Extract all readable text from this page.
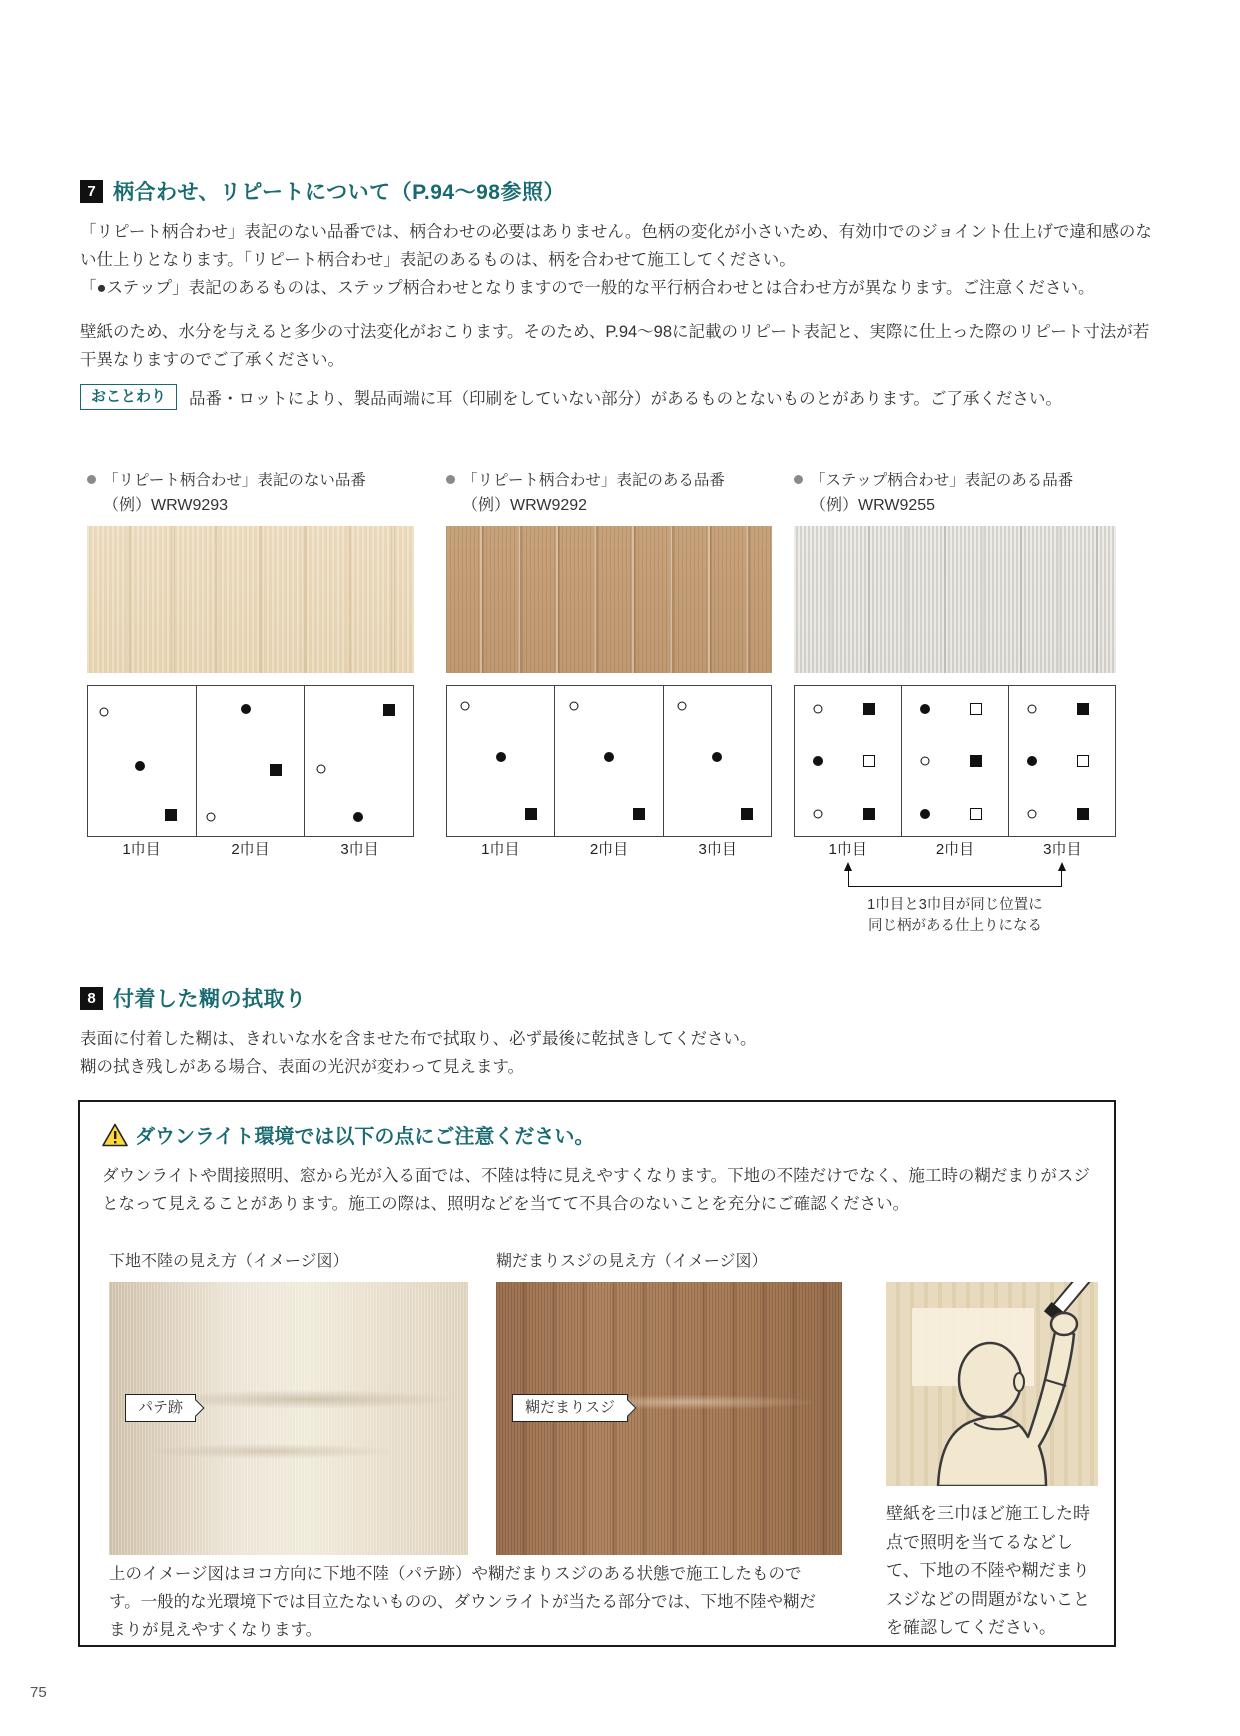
7 柄合わせ、リピートについて（P.94～98参照）

「リピート柄合わせ」表記のない品番では、柄合わせの必要はありません。色柄の変化が小さいため、有効巾でのジョイント仕上げで違和感のない仕上りとなります。「リピート柄合わせ」表記のあるものは、柄を合わせて施工してください。

「●ステップ」表記のあるものは、ステップ柄合わせとなりますので一般的な平行柄合わせとは合わせ方が異なります。ご注意ください。

壁紙のため、水分を与えると多少の寸法変化がおこります。そのため、P.94～98に記載のリピート表記と、実際に仕上った際のリピート寸法が若干異なりますのでご了承ください。

おことわり	品番・ロットにより、製品両端に耳（印刷をしていない部分）があるものとないものとがあります。ご了承ください。
「リピート柄合わせ」表記のない品番
（例）WRW9293
1巾目	2巾目	3巾目
「リピート柄合わせ」表記のある品番
（例）WRW9292
1巾目	2巾目	3巾目
「ステップ柄合わせ」表記のある品番
（例）WRW9255
1巾目	2巾目	3巾目
1巾目と3巾目が同じ位置に
同じ柄がある仕上りになる
8 付着した糊の拭取り

表面に付着した糊は、きれいな水を含ませた布で拭取り、必ず最後に乾拭きしてください。

糊の拭き残しがある場合、表面の光沢が変わって見えます。

ダウンライト環境では以下の点にご注意ください。

ダウンライトや間接照明、窓から光が入る面では、不陸は特に見えやすくなります。下地の不陸だけでなく、施工時の糊だまりがスジとなって見えることがあります。施工の際は、照明などを当てて不具合のないことを充分にご確認ください。

下地不陸の見え方（イメージ図）	糊だまりスジの見え方（イメージ図）
パテ跡	糊だまりスジ

上のイメージ図はヨコ方向に下地不陸（パテ跡）や糊だまりスジのある状態で施工したものです。一般的な光環境下では目立たないものの、ダウンライトが当たる部分では、下地不陸や糊だまりが見えやすくなります。

壁紙を三巾ほど施工した時点で照明を当てるなどして、下地の不陸や糊だまりスジなどの問題がないことを確認してください。

75
